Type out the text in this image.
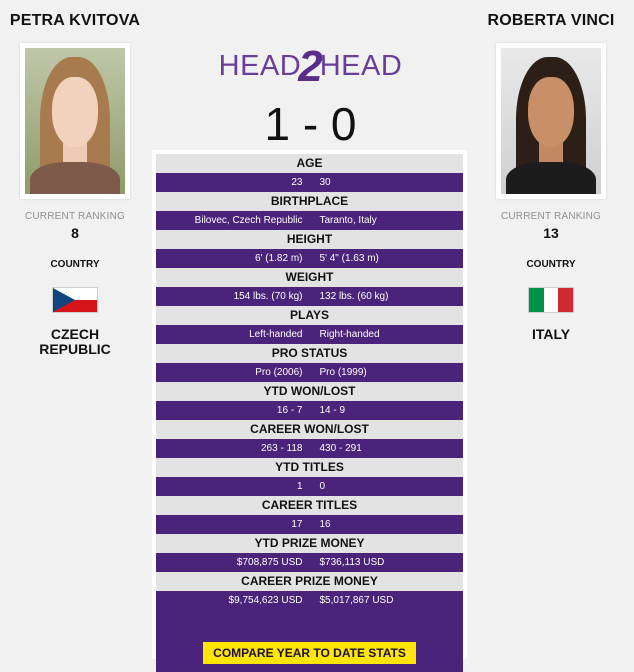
PETRA KVITOVA
CURRENT RANKING
8
COUNTRY
CZECH REPUBLIC
ROBERTA VINCI
CURRENT RANKING
13
COUNTRY
ITALY
HEAD2HEAD
1 - 0
AGE
23	30
BIRTHPLACE
Bilovec, Czech Republic	Taranto, Italy
HEIGHT
6' (1.82 m)	5' 4" (1.63 m)
WEIGHT
154 lbs. (70 kg)	132 lbs. (60 kg)
PLAYS
Left-handed	Right-handed
PRO STATUS
Pro (2006)	Pro (1999)
YTD WON/LOST
16 - 7	14 - 9
CAREER WON/LOST
263 - 118	430 - 291
YTD TITLES
1	0
CAREER TITLES
17	16
YTD PRIZE MONEY
$708,875 USD	$736,113 USD
CAREER PRIZE MONEY
$9,754,623 USD	$5,017,867 USD
COMPARE YEAR TO DATE STATS
